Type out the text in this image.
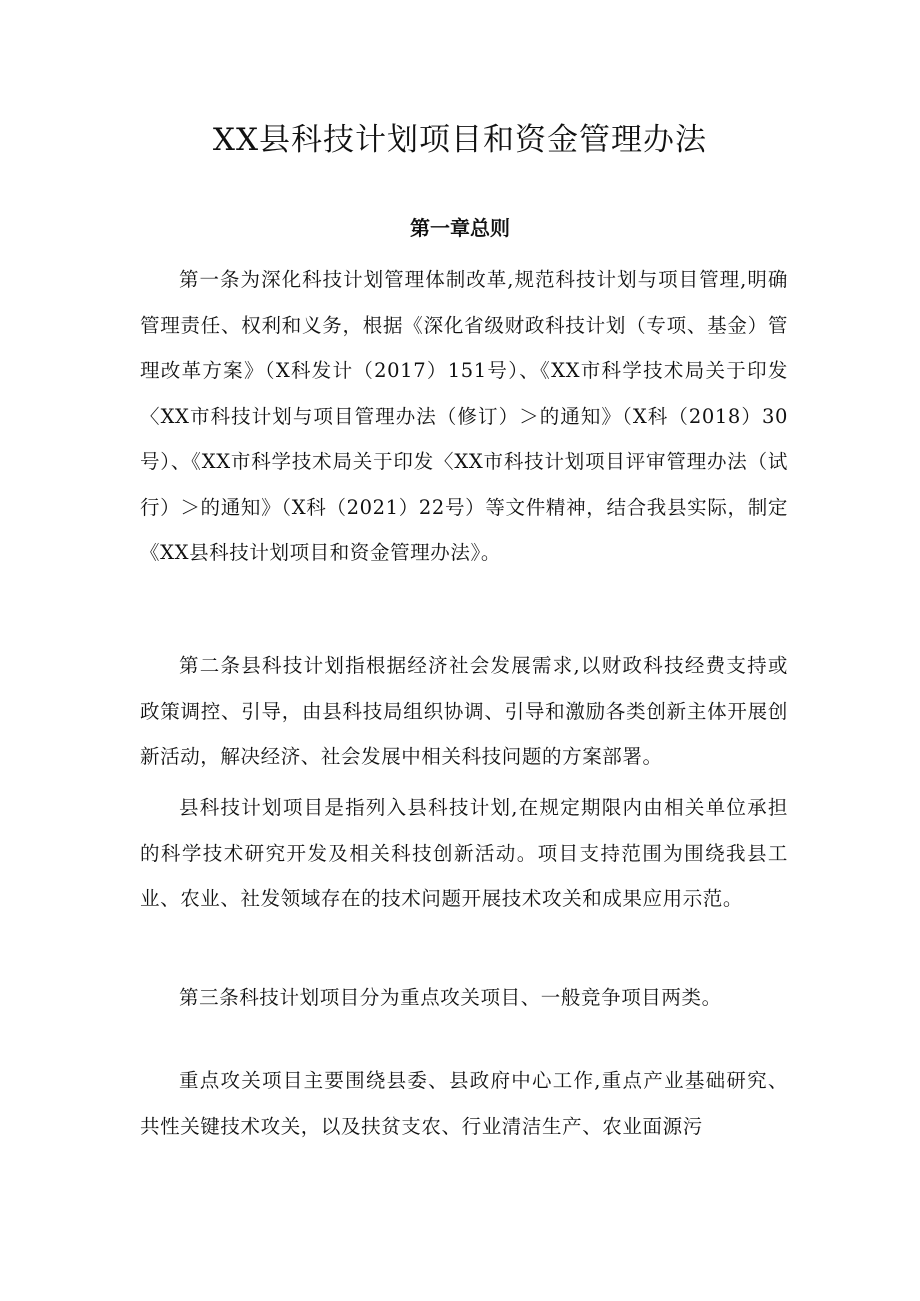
XX县科技计划项目和资金管理办法
第一章总则

第一条为深化科技计划管理体制改革,规范科技计划与项目管理,明确管理责任、权利和义务，根据《深化省级财政科技计划（专项、基金）管理改革方案》（X科发计（2017）151号）、《XX市科学技术局关于印发〈XX市科技计划与项目管理办法（修订）＞的通知》（X科（2018）30号）、《XX市科学技术局关于印发〈XX市科技计划项目评审管理办法（试行）＞的通知》（X科（2021）22号）等文件精神，结合我县实际，制定《XX县科技计划项目和资金管理办法》。

第二条县科技计划指根据经济社会发展需求,以财政科技经费支持或政策调控、引导，由县科技局组织协调、引导和激励各类创新主体开展创新活动，解决经济、社会发展中相关科技问题的方案部署。

县科技计划项目是指列入县科技计划,在规定期限内由相关单位承担的科学技术研究开发及相关科技创新活动。项目支持范围为围绕我县工业、农业、社发领域存在的技术问题开展技术攻关和成果应用示范。

第三条科技计划项目分为重点攻关项目、一般竞争项目两类。

重点攻关项目主要围绕县委、县政府中心工作,重点产业基础研究、共性关键技术攻关，以及扶贫支农、行业清洁生产、农业面源污
